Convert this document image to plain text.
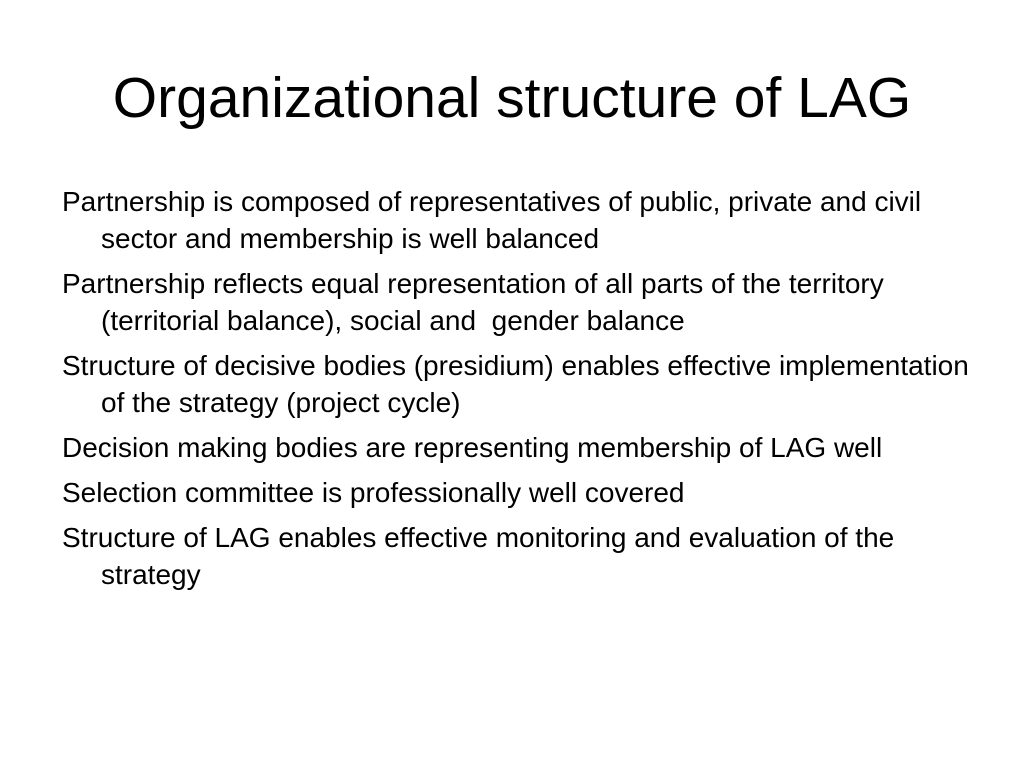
Organizational structure of LAG
Partnership is composed of representatives of public, private and civil sector and membership is well balanced
Partnership reflects equal representation of all parts of the territory (territorial balance), social and  gender balance
Structure of decisive bodies (presidium) enables effective implementation of the strategy (project cycle)
Decision making bodies are representing membership of LAG well
Selection committee is professionally well covered
Structure of LAG enables effective monitoring and evaluation of the strategy
